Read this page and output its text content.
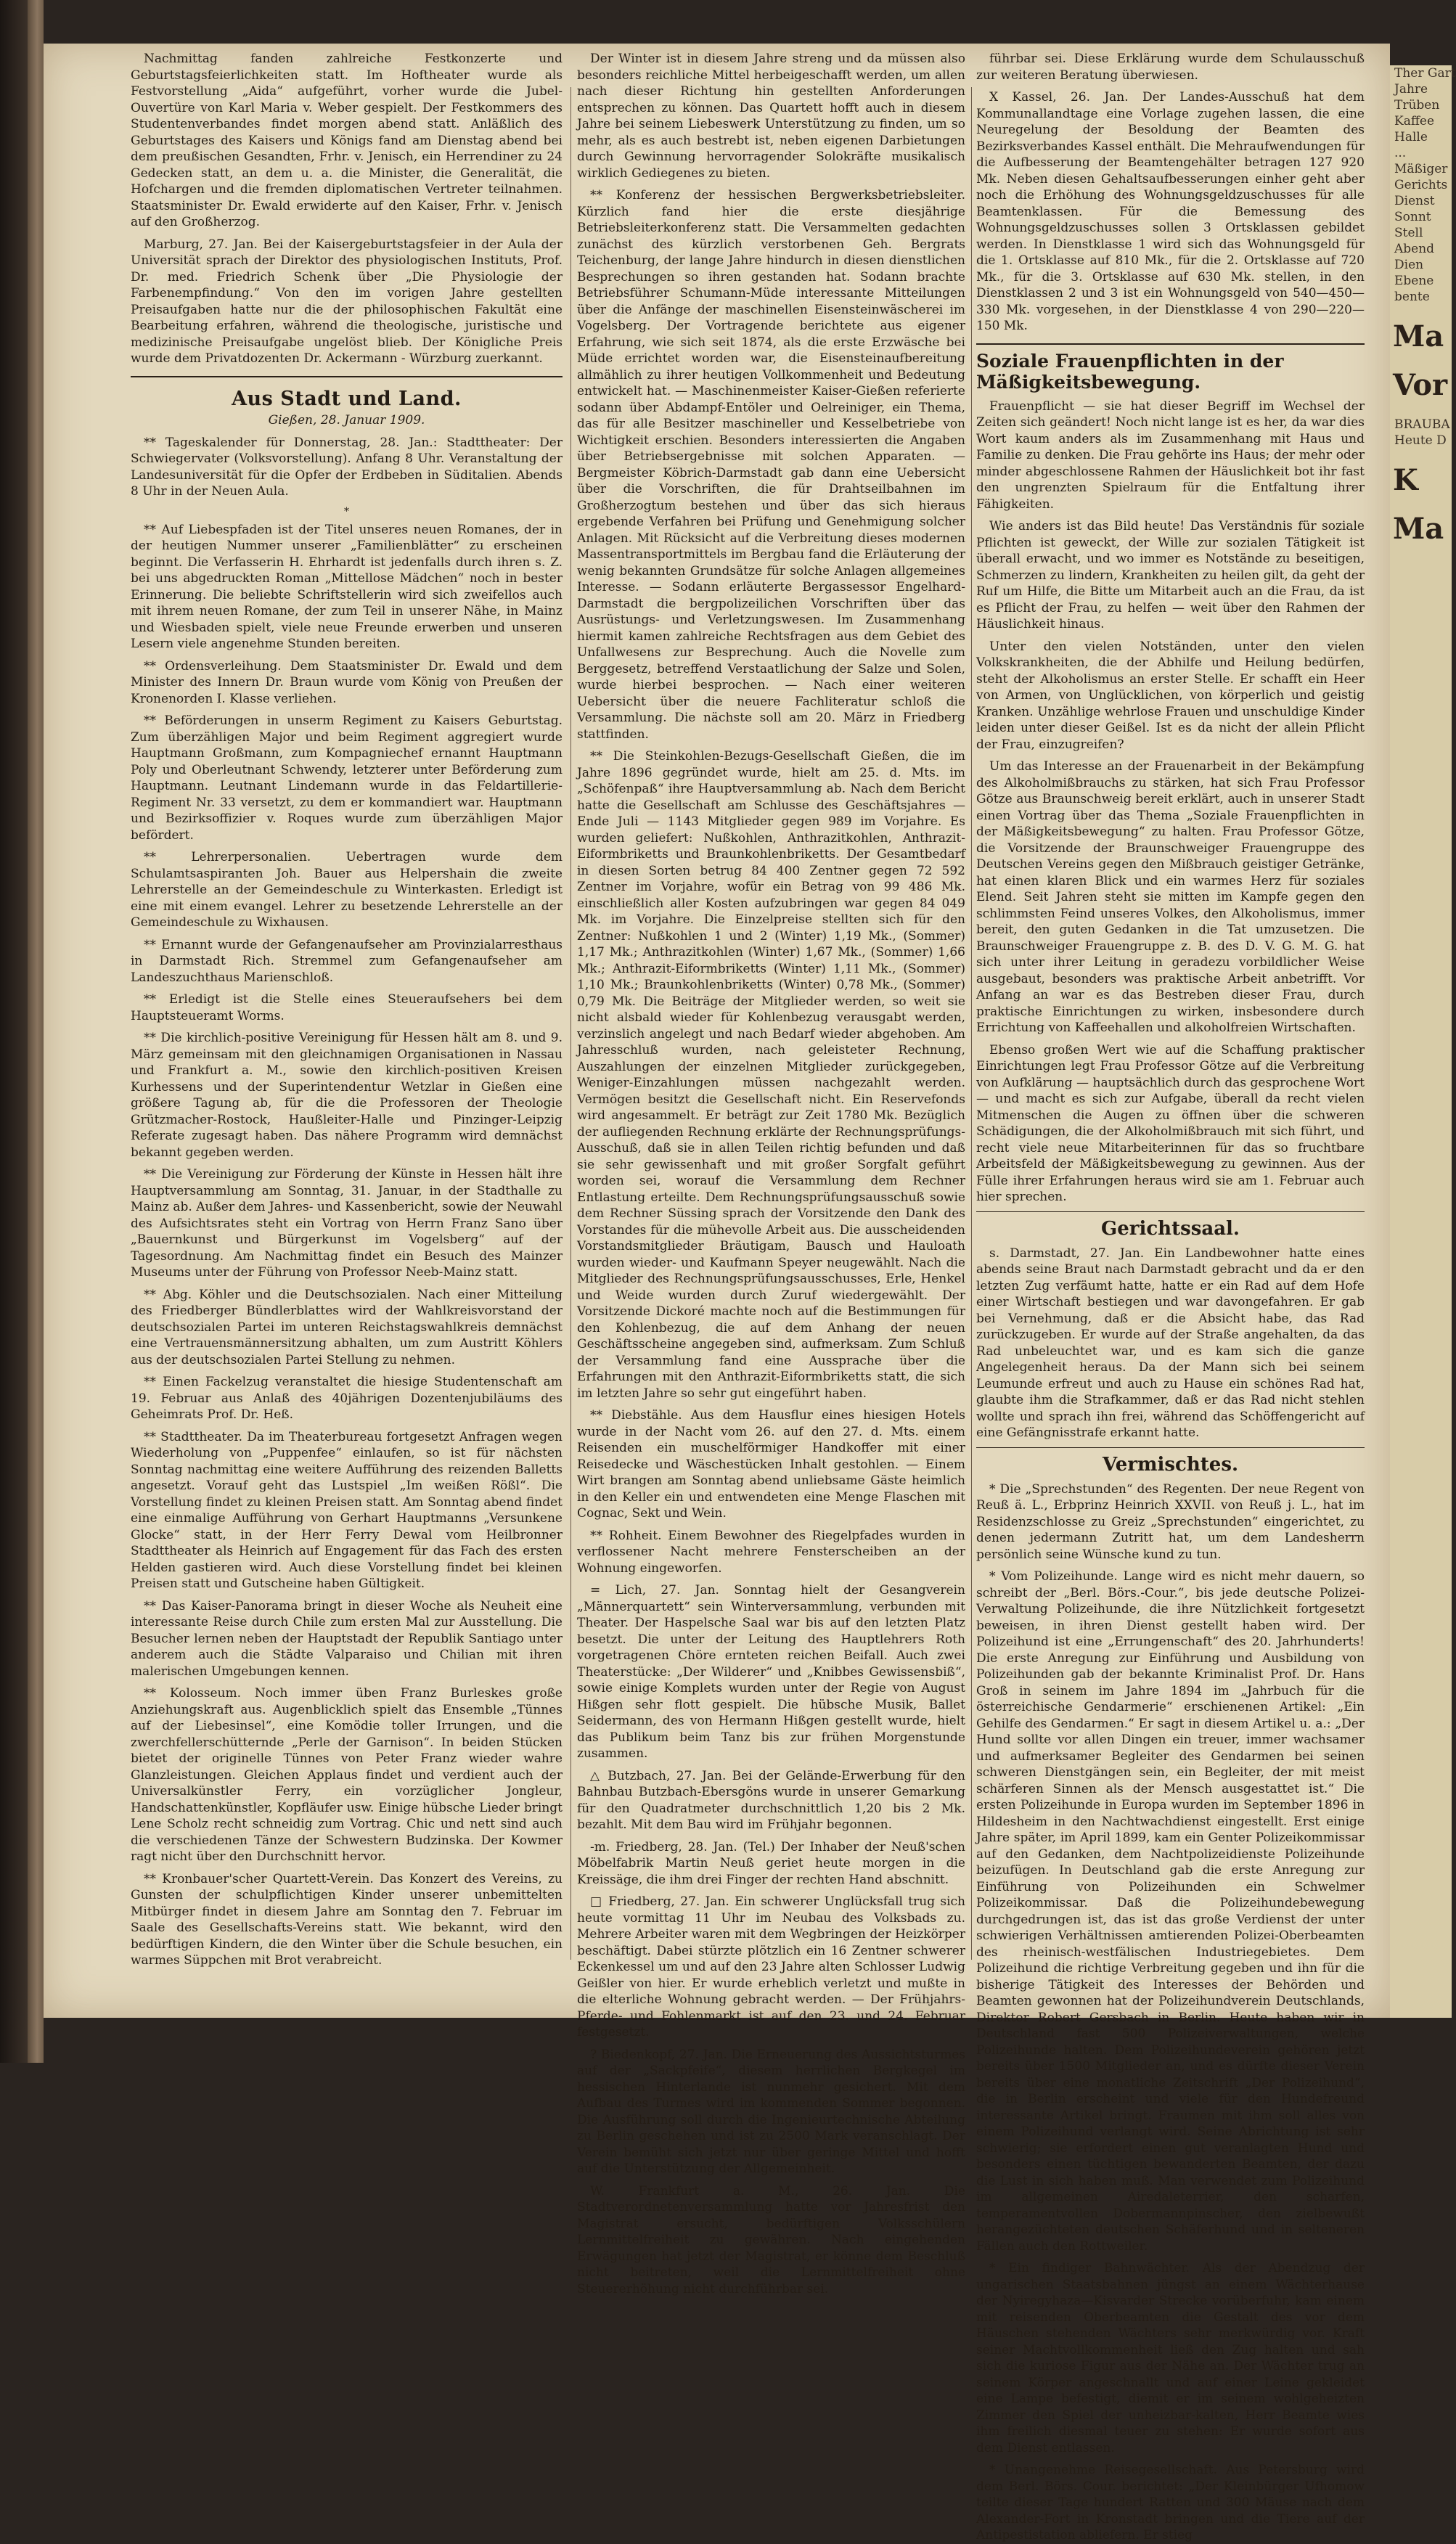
Nachmittag fanden zahlreiche Festkonzerte und Geburtstagsfeierlichkeiten statt. Im Hoftheater wurde als Festvorstellung „Aida“ aufgeführt, vorher wurde die Jubel-Ouvertüre von Karl Maria v. Weber gespielt. Der Festkommers des Studentenverbandes findet morgen abend statt. Anläßlich des Geburtstages des Kaisers und Königs fand am Dienstag abend bei dem preußischen Gesandten, Frhr. v. Jenisch, ein Herrendiner zu 24 Gedecken statt, an dem u. a. die Minister, die Generalität, die Hofchargen und die fremden diplomatischen Vertreter teilnahmen. Staatsminister Dr. Ewald erwiderte auf den Kaiser, Frhr. v. Jenisch auf den Großherzog.

Marburg, 27. Jan. Bei der Kaisergeburtstagsfeier in der Aula der Universität sprach der Direktor des physiologischen Instituts, Prof. Dr. med. Friedrich Schenk über „Die Physiologie der Farbenempfindung.“ Von den im vorigen Jahre gestellten Preisaufgaben hatte nur die der philosophischen Fakultät eine Bearbeitung erfahren, während die theologische, juristische und medizinische Preisaufgabe ungelöst blieb. Der Königliche Preis wurde dem Privatdozenten Dr. Ackermann - Würzburg zuerkannt.

Aus Stadt und Land.
Gießen, 28. Januar 1909.

** Tageskalender für Donnerstag, 28. Jan.: Stadttheater: Der Schwiegervater (Volksvorstellung). Anfang 8 Uhr. Veranstaltung der Landesuniversität für die Opfer der Erdbeben in Süditalien. Abends 8 Uhr in der Neuen Aula.

*

** Auf Liebespfaden ist der Titel unseres neuen Romanes, der in der heutigen Nummer unserer „Familienblätter“ zu erscheinen beginnt. Die Verfasserin H. Ehrhardt ist jedenfalls durch ihren s. Z. bei uns abgedruckten Roman „Mittellose Mädchen“ noch in bester Erinnerung. Die beliebte Schriftstellerin wird sich zweifellos auch mit ihrem neuen Romane, der zum Teil in unserer Nähe, in Mainz und Wiesbaden spielt, viele neue Freunde erwerben und unseren Lesern viele angenehme Stunden bereiten.

** Ordensverleihung. Dem Staatsminister Dr. Ewald und dem Minister des Innern Dr. Braun wurde vom König von Preußen der Kronenorden I. Klasse verliehen.

** Beförderungen in unserm Regiment zu Kaisers Geburtstag. Zum überzähligen Major und beim Regiment aggregiert wurde Hauptmann Großmann, zum Kompagniechef ernannt Hauptmann Poly und Oberleutnant Schwendy, letzterer unter Beförderung zum Hauptmann. Leutnant Lindemann wurde in das Feldartillerie-Regiment Nr. 33 versetzt, zu dem er kommandiert war. Hauptmann und Bezirksoffizier v. Roques wurde zum überzähligen Major befördert.

** Lehrerpersonalien. Uebertragen wurde dem Schulamtsaspiranten Joh. Bauer aus Helpershain die zweite Lehrerstelle an der Gemeindeschule zu Winterkasten. Erledigt ist eine mit einem evangel. Lehrer zu besetzende Lehrerstelle an der Gemeindeschule zu Wixhausen.

** Ernannt wurde der Gefangenaufseher am Provinzialarresthaus in Darmstadt Rich. Stremmel zum Gefangenaufseher am Landeszuchthaus Marienschloß.

** Erledigt ist die Stelle eines Steueraufsehers bei dem Hauptsteueramt Worms.

** Die kirchlich-positive Vereinigung für Hessen hält am 8. und 9. März gemeinsam mit den gleichnamigen Organisationen in Nassau und Frankfurt a. M., sowie den kirchlich-positiven Kreisen Kurhessens und der Superintendentur Wetzlar in Gießen eine größere Tagung ab, für die die Professoren der Theologie Grützmacher-Rostock, Haußleiter-Halle und Pinzinger-Leipzig Referate zugesagt haben. Das nähere Programm wird demnächst bekannt gegeben werden.

** Die Vereinigung zur Förderung der Künste in Hessen hält ihre Hauptversammlung am Sonntag, 31. Januar, in der Stadthalle zu Mainz ab. Außer dem Jahres- und Kassenbericht, sowie der Neuwahl des Aufsichtsrates steht ein Vortrag von Herrn Franz Sano über „Bauernkunst und Bürgerkunst im Vogelsberg“ auf der Tagesordnung. Am Nachmittag findet ein Besuch des Mainzer Museums unter der Führung von Professor Neeb-Mainz statt.

** Abg. Köhler und die Deutschsozialen. Nach einer Mitteilung des Friedberger Bündlerblattes wird der Wahlkreisvorstand der deutschsozialen Partei im unteren Reichstagswahlkreis demnächst eine Vertrauensmännersitzung abhalten, um zum Austritt Köhlers aus der deutschsozialen Partei Stellung zu nehmen.

** Einen Fackelzug veranstaltet die hiesige Studentenschaft am 19. Februar aus Anlaß des 40jährigen Dozentenjubiläums des Geheimrats Prof. Dr. Heß.

** Stadttheater. Da im Theaterbureau fortgesetzt Anfragen wegen Wiederholung von „Puppenfee“ einlaufen, so ist für nächsten Sonntag nachmittag eine weitere Aufführung des reizenden Balletts angesetzt. Vorauf geht das Lustspiel „Im weißen Rößl“. Die Vorstellung findet zu kleinen Preisen statt. Am Sonntag abend findet eine einmalige Aufführung von Gerhart Hauptmanns „Versunkene Glocke“ statt, in der Herr Ferry Dewal vom Heilbronner Stadttheater als Heinrich auf Engagement für das Fach des ersten Helden gastieren wird. Auch diese Vorstellung findet bei kleinen Preisen statt und Gutscheine haben Gültigkeit.

** Das Kaiser-Panorama bringt in dieser Woche als Neuheit eine interessante Reise durch Chile zum ersten Mal zur Ausstellung. Die Besucher lernen neben der Hauptstadt der Republik Santiago unter anderem auch die Städte Valparaiso und Chilian mit ihren malerischen Umgebungen kennen.

** Kolosseum. Noch immer üben Franz Burleskes große Anziehungskraft aus. Augenblicklich spielt das Ensemble „Tünnes auf der Liebesinsel“, eine Komödie toller Irrungen, und die zwerchfellerschütternde „Perle der Garnison“. In beiden Stücken bietet der originelle Tünnes von Peter Franz wieder wahre Glanzleistungen. Gleichen Applaus findet und verdient auch der Universalkünstler Ferry, ein vorzüglicher Jongleur, Handschattenkünstler, Kopfläufer usw. Einige hübsche Lieder bringt Lene Scholz recht schneidig zum Vortrag. Chic und nett sind auch die verschiedenen Tänze der Schwestern Budzinska. Der Kowmer ragt nicht über den Durchschnitt hervor.

** Kronbauer'scher Quartett-Verein. Das Konzert des Vereins, zu Gunsten der schulpflichtigen Kinder unserer unbemittelten Mitbürger findet in diesem Jahre am Sonntag den 7. Februar im Saale des Gesellschafts-Vereins statt. Wie bekannt, wird den bedürftigen Kindern, die den Winter über die Schule besuchen, ein warmes Süppchen mit Brot verabreicht.

Der Winter ist in diesem Jahre streng und da müssen also besonders reichliche Mittel herbeigeschafft werden, um allen nach dieser Richtung hin gestellten Anforderungen entsprechen zu können. Das Quartett hofft auch in diesem Jahre bei seinem Liebeswerk Unterstützung zu finden, um so mehr, als es auch bestrebt ist, neben eigenen Darbietungen durch Gewinnung hervorragender Solokräfte musikalisch wirklich Gediegenes zu bieten.

** Konferenz der hessischen Bergwerksbetriebsleiter. Kürzlich fand hier die erste diesjährige Betriebsleiterkonferenz statt. Die Versammelten gedachten zunächst des kürzlich verstorbenen Geh. Bergrats Teichenburg, der lange Jahre hindurch in diesen dienstlichen Besprechungen so ihren gestanden hat. Sodann brachte Betriebsführer Schumann-Müde interessante Mitteilungen über die Anfänge der maschinellen Eisensteinwäscherei im Vogelsberg. Der Vortragende berichtete aus eigener Erfahrung, wie sich seit 1874, als die erste Erzwäsche bei Müde errichtet worden war, die Eisensteinaufbereitung allmählich zu ihrer heutigen Vollkommenheit und Bedeutung entwickelt hat. — Maschinenmeister Kaiser-Gießen referierte sodann über Abdampf-Entöler und Oelreiniger, ein Thema, das für alle Besitzer maschineller und Kesselbetriebe von Wichtigkeit erschien. Besonders interessierten die Angaben über Betriebsergebnisse mit solchen Apparaten. — Bergmeister Köbrich-Darmstadt gab dann eine Uebersicht über die Vorschriften, die für Drahtseilbahnen im Großherzogtum bestehen und über das sich hieraus ergebende Verfahren bei Prüfung und Genehmigung solcher Anlagen. Mit Rücksicht auf die Verbreitung dieses modernen Massentransportmittels im Bergbau fand die Erläuterung der wenig bekannten Grundsätze für solche Anlagen allgemeines Interesse. — Sodann erläuterte Bergassessor Engelhard-Darmstadt die bergpolizeilichen Vorschriften über das Ausrüstungs- und Verletzungswesen. Im Zusammenhang hiermit kamen zahlreiche Rechtsfragen aus dem Gebiet des Unfallwesens zur Besprechung. Auch die Novelle zum Berggesetz, betreffend Verstaatlichung der Salze und Solen, wurde hierbei besprochen. — Nach einer weiteren Uebersicht über die neuere Fachliteratur schloß die Versammlung. Die nächste soll am 20. März in Friedberg stattfinden.

** Die Steinkohlen-Bezugs-Gesellschaft Gießen, die im Jahre 1896 gegründet wurde, hielt am 25. d. Mts. im „Schöfenpaß“ ihre Hauptversammlung ab. Nach dem Bericht hatte die Gesellschaft am Schlusse des Geschäftsjahres — Ende Juli — 1143 Mitglieder gegen 989 im Vorjahre. Es wurden geliefert: Nußkohlen, Anthrazitkohlen, Anthrazit-Eiformbriketts und Braunkohlenbriketts. Der Gesamtbedarf in diesen Sorten betrug 84 400 Zentner gegen 72 592 Zentner im Vorjahre, wofür ein Betrag von 99 486 Mk. einschließlich aller Kosten aufzubringen war gegen 84 049 Mk. im Vorjahre. Die Einzelpreise stellten sich für den Zentner: Nußkohlen 1 und 2 (Winter) 1,19 Mk., (Sommer) 1,17 Mk.; Anthrazitkohlen (Winter) 1,67 Mk., (Sommer) 1,66 Mk.; Anthrazit-Eiformbriketts (Winter) 1,11 Mk., (Sommer) 1,10 Mk.; Braunkohlenbriketts (Winter) 0,78 Mk., (Sommer) 0,79 Mk. Die Beiträge der Mitglieder werden, so weit sie nicht alsbald wieder für Kohlenbezug verausgabt werden, verzinslich angelegt und nach Bedarf wieder abgehoben. Am Jahresschluß wurden, nach geleisteter Rechnung, Auszahlungen der einzelnen Mitglieder zurückgegeben, Weniger-Einzahlungen müssen nachgezahlt werden. Vermögen besitzt die Gesellschaft nicht. Ein Reservefonds wird angesammelt. Er beträgt zur Zeit 1780 Mk. Bezüglich der aufliegenden Rechnung erklärte der Rechnungsprüfungs-Ausschuß, daß sie in allen Teilen richtig befunden und daß sie sehr gewissenhaft und mit großer Sorgfalt geführt worden sei, worauf die Versammlung dem Rechner Entlastung erteilte. Dem Rechnungsprüfungsausschuß sowie dem Rechner Süssing sprach der Vorsitzende den Dank des Vorstandes für die mühevolle Arbeit aus. Die ausscheidenden Vorstandsmitglieder Bräutigam, Bausch und Hauloath wurden wieder- und Kaufmann Speyer neugewählt. Nach die Mitglieder des Rechnungsprüfungsausschusses, Erle, Henkel und Weide wurden durch Zuruf wiedergewählt. Der Vorsitzende Dickoré machte noch auf die Bestimmungen für den Kohlenbezug, die auf dem Anhang der neuen Geschäftsscheine angegeben sind, aufmerksam. Zum Schluß der Versammlung fand eine Aussprache über die Erfahrungen mit den Anthrazit-Eiformbriketts statt, die sich im letzten Jahre so sehr gut eingeführt haben.

** Diebstähle. Aus dem Hausflur eines hiesigen Hotels wurde in der Nacht vom 26. auf den 27. d. Mts. einem Reisenden ein muschelförmiger Handkoffer mit einer Reisedecke und Wäschestücken Inhalt gestohlen. — Einem Wirt brangen am Sonntag abend unliebsame Gäste heimlich in den Keller ein und entwendeten eine Menge Flaschen mit Cognac, Sekt und Wein.

** Rohheit. Einem Bewohner des Riegelpfades wurden in verflossener Nacht mehrere Fensterscheiben an der Wohnung eingeworfen.

= Lich, 27. Jan. Sonntag hielt der Gesangverein „Männerquartett“ sein Winterversammlung, verbunden mit Theater. Der Haspelsche Saal war bis auf den letzten Platz besetzt. Die unter der Leitung des Hauptlehrers Roth vorgetragenen Chöre ernteten reichen Beifall. Auch zwei Theaterstücke: „Der Wilderer“ und „Knibbes Gewissensbiß“, sowie einige Komplets wurden unter der Regie von August Hißgen sehr flott gespielt. Die hübsche Musik, Ballet Seidermann, des von Hermann Hißgen gestellt wurde, hielt das Publikum beim Tanz bis zur frühen Morgenstunde zusammen.

△ Butzbach, 27. Jan. Bei der Gelände-Erwerbung für den Bahnbau Butzbach-Ebersgöns wurde in unserer Gemarkung für den Quadratmeter durchschnittlich 1,20 bis 2 Mk. bezahlt. Mit dem Bau wird im Frühjahr begonnen.

-m. Friedberg, 28. Jan. (Tel.) Der Inhaber der Neuß'schen Möbelfabrik Martin Neuß geriet heute morgen in die Kreissäge, die ihm drei Finger der rechten Hand abschnitt.

□ Friedberg, 27. Jan. Ein schwerer Unglücksfall trug sich heute vormittag 11 Uhr im Neubau des Volksbads zu. Mehrere Arbeiter waren mit dem Wegbringen der Heizkörper beschäftigt. Dabei stürzte plötzlich ein 16 Zentner schwerer Eckenkessel um und auf den 23 Jahre alten Schlosser Ludwig Geißler von hier. Er wurde erheblich verletzt und mußte in die elterliche Wohnung gebracht werden. — Der Frühjahrs-Pferde- und Fohlenmarkt ist auf den 23. und 24. Februar festgesetzt.

? Biedenkopf, 27. Jan. Die Erneuerung des Aussichtsturmes auf der „Sackpfeife“, diesem herrlichen Bergkegel im hessischen Hinterlande ist nunmehr gesichert. Mit dem Aufbau des Turmes wird im kommenden Sommer begonnen. Die Ausführung soll durch die Ingenieurtechnische Abteilung zu Berlin geschehen und ist zu 2500 Mark veranschlagt. Der Verein bemüht sich jetzt nur über geringe Mittel und hofft auf die Unterstützung der Allgemeinheit.

W. Frankfurt a. M., 26. Jan. Die Stadtverordnetenversammlung hatte vor Jahresfrist den Magistrat ersucht, bedürftigen Volksschülern Lernmittelfreiheit zu gewähren. Nach eingehenden Erwägungen hat jetzt der Magistrat, er könne dem Beschluß nicht beitreten, weil die Lernmittelfreiheit ohne Steuererhöhung nicht durchführbar sei.

führbar sei. Diese Erklärung wurde dem Schulausschuß zur weiteren Beratung überwiesen.

X Kassel, 26. Jan. Der Landes-Ausschuß hat dem Kommunallandtage eine Vorlage zugehen lassen, die eine Neuregelung der Besoldung der Beamten des Bezirksverbandes Kassel enthält. Die Mehraufwendungen für die Aufbesserung der Beamtengehälter betragen 127 920 Mk. Neben diesen Gehaltsaufbesserungen einher geht aber noch die Erhöhung des Wohnungsgeldzuschusses für alle Beamtenklassen. Für die Bemessung des Wohnungsgeldzuschusses sollen 3 Ortsklassen gebildet werden. In Dienstklasse 1 wird sich das Wohnungsgeld für die 1. Ortsklasse auf 810 Mk., für die 2. Ortsklasse auf 720 Mk., für die 3. Ortsklasse auf 630 Mk. stellen, in den Dienstklassen 2 und 3 ist ein Wohnungsgeld von 540—450—330 Mk. vorgesehen, in der Dienstklasse 4 von 290—220—150 Mk.

Soziale Frauenpflichten in der Mäßigkeitsbewegung.

Frauenpflicht — sie hat dieser Begriff im Wechsel der Zeiten sich geändert! Noch nicht lange ist es her, da war dies Wort kaum anders als im Zusammenhang mit Haus und Familie zu denken. Die Frau gehörte ins Haus; der mehr oder minder abgeschlossene Rahmen der Häuslichkeit bot ihr fast den ungrenzten Spielraum für die Entfaltung ihrer Fähigkeiten.

Wie anders ist das Bild heute! Das Verständnis für soziale Pflichten ist geweckt, der Wille zur sozialen Tätigkeit ist überall erwacht, und wo immer es Notstände zu beseitigen, Schmerzen zu lindern, Krankheiten zu heilen gilt, da geht der Ruf um Hilfe, die Bitte um Mitarbeit auch an die Frau, da ist es Pflicht der Frau, zu helfen — weit über den Rahmen der Häuslichkeit hinaus.

Unter den vielen Notständen, unter den vielen Volkskrankheiten, die der Abhilfe und Heilung bedürfen, steht der Alkoholismus an erster Stelle. Er schafft ein Heer von Armen, von Unglücklichen, von körperlich und geistig Kranken. Unzählige wehrlose Frauen und unschuldige Kinder leiden unter dieser Geißel. Ist es da nicht der allein Pflicht der Frau, einzugreifen?

Um das Interesse an der Frauenarbeit in der Bekämpfung des Alkoholmißbrauchs zu stärken, hat sich Frau Professor Götze aus Braunschweig bereit erklärt, auch in unserer Stadt einen Vortrag über das Thema „Soziale Frauenpflichten in der Mäßigkeitsbewegung“ zu halten. Frau Professor Götze, die Vorsitzende der Braunschweiger Frauengruppe des Deutschen Vereins gegen den Mißbrauch geistiger Getränke, hat einen klaren Blick und ein warmes Herz für soziales Elend. Seit Jahren steht sie mitten im Kampfe gegen den schlimmsten Feind unseres Volkes, den Alkoholismus, immer bereit, den guten Gedanken in die Tat umzusetzen. Die Braunschweiger Frauengruppe z. B. des D. V. G. M. G. hat sich unter ihrer Leitung in geradezu vorbildlicher Weise ausgebaut, besonders was praktische Arbeit anbetrifft. Vor Anfang an war es das Bestreben dieser Frau, durch praktische Einrichtungen zu wirken, insbesondere durch Errichtung von Kaffeehallen und alkoholfreien Wirtschaften.

Ebenso großen Wert wie auf die Schaffung praktischer Einrichtungen legt Frau Professor Götze auf die Verbreitung von Aufklärung — hauptsächlich durch das gesprochene Wort — und macht es sich zur Aufgabe, überall da recht vielen Mitmenschen die Augen zu öffnen über die schweren Schädigungen, die der Alkoholmißbrauch mit sich führt, und recht viele neue Mitarbeiterinnen für das so fruchtbare Arbeitsfeld der Mäßigkeitsbewegung zu gewinnen. Aus der Fülle ihrer Erfahrungen heraus wird sie am 1. Februar auch hier sprechen.

Gerichtssaal.

s. Darmstadt, 27. Jan. Ein Landbewohner hatte eines abends seine Braut nach Darmstadt gebracht und da er den letzten Zug verfäumt hatte, hatte er ein Rad auf dem Hofe einer Wirtschaft bestiegen und war davongefahren. Er gab bei Vernehmung, daß er die Absicht habe, das Rad zurückzugeben. Er wurde auf der Straße angehalten, da das Rad unbeleuchtet war, und es kam sich die ganze Angelegenheit heraus. Da der Mann sich bei seinem Leumunde erfreut und auch zu Hause ein schönes Rad hat, glaubte ihm die Strafkammer, daß er das Rad nicht stehlen wollte und sprach ihn frei, während das Schöffengericht auf eine Gefängnisstrafe erkannt hatte.

Vermischtes.

* Die „Sprechstunden“ des Regenten. Der neue Regent von Reuß ä. L., Erbprinz Heinrich XXVII. von Reuß j. L., hat im Residenzschlosse zu Greiz „Sprechstunden“ eingerichtet, zu denen jedermann Zutritt hat, um dem Landesherrn persönlich seine Wünsche kund zu tun.

* Vom Polizeihunde. Lange wird es nicht mehr dauern, so schreibt der „Berl. Börs.-Cour.“, bis jede deutsche Polizei-Verwaltung Polizeihunde, die ihre Nützlichkeit fortgesetzt beweisen, in ihren Dienst gestellt haben wird. Der Polizeihund ist eine „Errungenschaft“ des 20. Jahrhunderts! Die erste Anregung zur Einführung und Ausbildung von Polizeihunden gab der bekannte Kriminalist Prof. Dr. Hans Groß in seinem im Jahre 1894 im „Jahrbuch für die österreichische Gendarmerie“ erschienenen Artikel: „Ein Gehilfe des Gendarmen.“ Er sagt in diesem Artikel u. a.: „Der Hund sollte vor allen Dingen ein treuer, immer wachsamer und aufmerksamer Begleiter des Gendarmen bei seinen schweren Dienstgängen sein, ein Begleiter, der mit meist schärferen Sinnen als der Mensch ausgestattet ist.“ Die ersten Polizeihunde in Europa wurden im September 1896 in Hildesheim in den Nachtwachdienst eingestellt. Erst einige Jahre später, im April 1899, kam ein Genter Polizeikommissar auf den Gedanken, dem Nachtpolizeidienste Polizeihunde beizufügen. In Deutschland gab die erste Anregung zur Einführung von Polizeihunden ein Schwelmer Polizeikommissar. Daß die Polizeihundebewegung durchgedrungen ist, das ist das große Verdienst der unter schwierigen Verhältnissen amtierenden Polizei-Oberbeamten des rheinisch-westfälischen Industriegebietes. Dem Polizeihund die richtige Verbreitung gegeben und ihn für die bisherige Tätigkeit des Interesses der Behörden und Beamten gewonnen hat der Polizeihundverein Deutschlands, Direktor Robert Gersbach in Berlin. Heute haben wir in Deutschland fast 500 Polizeiverwaltungen, welche Polizeihunde halten. Dem Polizeihundeverein gehören jetzt bereits über 1500 Mitglieder an, und es dürfte dieser Verein bereits über eine monatliche Zeitschrift „Der Polizeihund“, die in Berlin erscheint und viele für den Hundefreund interessante Artikel bringt. Fraumen mit ihm soll alles von einem Polizeihund verlangt wird. Seine Abrichtung ist sehr schwierig; sie erfordert einen gut veranlagten Hund und besonders einen tüchtigen bewanderten Beamten, der dazu die Lust in sich haben muß. Man verwendet zum Polizeihund im allgemeinen Airedaleterrier, den scharfen, temperamentvollen Dobermannpinscher, den zielbewußt herangezüchteten deutschen Schäferhund und in selteneren Fällen auch den Rottweiler.

* Ein findiger Bahnwächter. Als der Abendzug der ungarischen Staatsbahnen jüngst an einem Wächterhause der Nyiregyhaza—Kisvarder Strecke vorüberfuhr, kam einem mit reisenden Oberbeamten die Gestalt des vor dem Häuschen stehenden Wächters sehr merkwürdig vor. Kraft seiner Machtvollkommenheit ließ den Zug halten und sah sich die kuriose Figur aus der Nähe an. Der Wächter trug an seinem Körper angeschnallt und auf einer Leine gekleidet eine Lampe befestigt, diemit er im seinem wohlgeheizten Zimmer den Spiel der unheizbar-kalten, Herr Beamte wies ihm freilich diesmal teuer zu stehen: Er wurde sofort aus dem Dienst entlassen.

* Unangenehme Reisegesellschaft. Aus Petersburg wird dem Berl. Börs. Cour. berichtet: „Der Kleinbürger Ufhomow teilte dieser Tage hundert Ratten und 300 Mäuse nach dem Alexander-Fort in Kronstadt bringen und die Tiere auf der Antipestistation abliefern. Er stieg

Ther Gart
Jahre
Trüben
Kaffee
Halle
...
Mäßiger
Gerichts
Dienst
Sonnt
Stell
Abend
Dien
Ebene
bente
Ma
Vor
BRAUBA
Heute D
K
Ma
